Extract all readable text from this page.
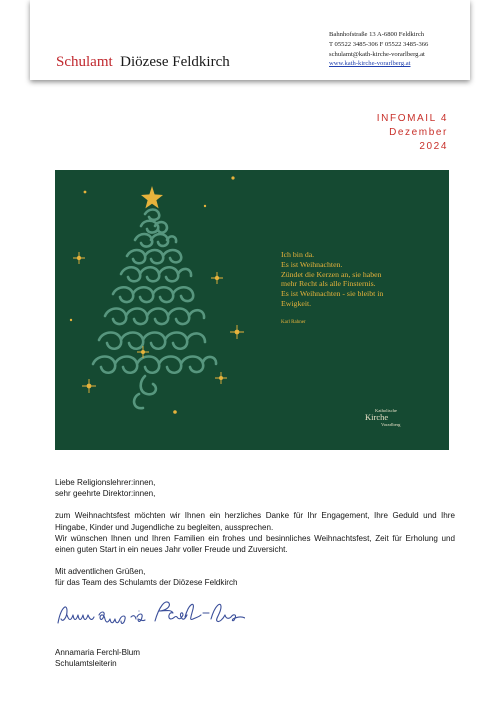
Schulamt Diözese Feldkirch
Bahnhofstraße 13 A-6800 Feldkirch
T 05522 3485-306 F 05522 3485-366
schulamt@kath-kirche-vorarlberg.at
www.kath-kirche-vorarlberg.at
INFOMAIL 4
Dezember
2024
Ich bin da.
Es ist Weihnachten.
Zündet die Kerzen an, sie haben
mehr Recht als alle Finsternis.
Es ist Weihnachten - sie bleibt in
Ewigkeit.
Karl Rahner
Katholische
Kirche
Vorarlberg

Liebe Religionslehrer:innen,

sehr geehrte Direktor:innen,

zum Weihnachtsfest möchten wir Ihnen ein herzliches Danke für Ihr Engagement, Ihre Geduld und Ihre Hingabe, Kinder und Jugendliche zu begleiten, aussprechen.

Wir wünschen Ihnen und Ihren Familien ein frohes und besinnliches Weihnachtsfest, Zeit für Erholung und einen guten Start in ein neues Jahr voller Freude und Zuversicht.

Mit adventlichen Grüßen,

für das Team des Schulamts der Diözese Feldkirch

Annamaria Ferchl-Blum
Schulamtsleiterin
